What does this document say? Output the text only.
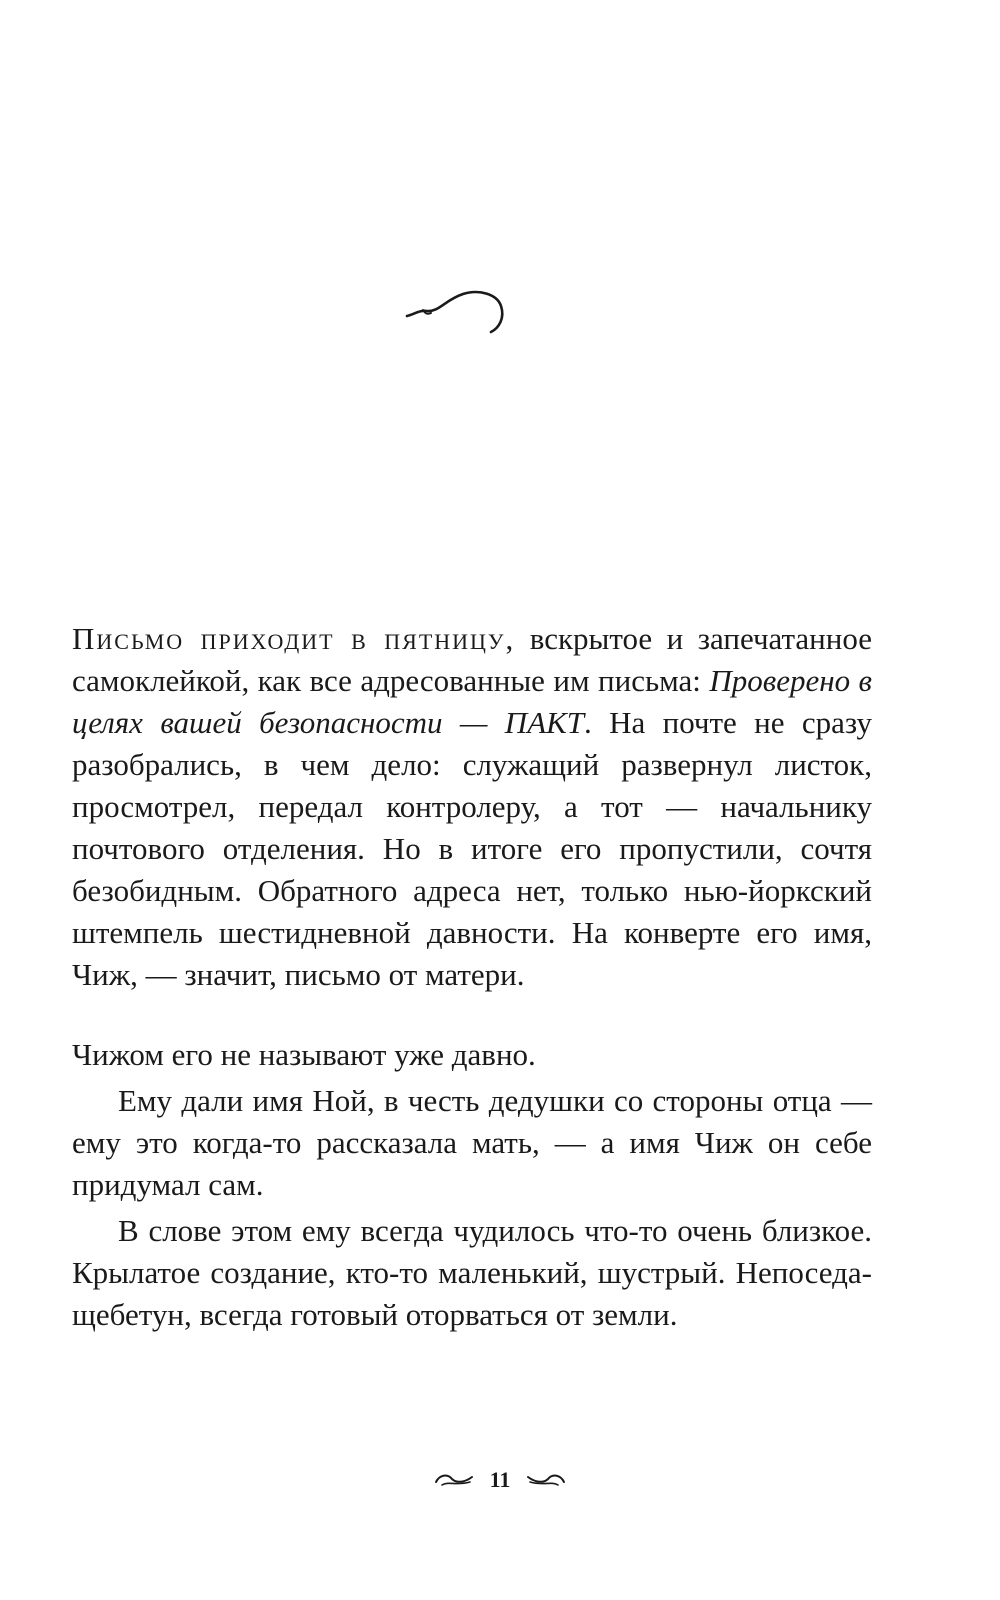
Письмо приходит в пятницу, вскрытое и запечатанное самоклейкой, как все адресованные им письма: Проверено в целях вашей безопасности — ПАКТ. На почте не сразу разобрались, в чем дело: служащий развернул листок, просмотрел, передал контролеру, а тот — начальнику почтового отделения. Но в итоге его пропустили, сочтя безобидным. Обратного адреса нет, только нью-йоркский штемпель шестидневной давности. На конверте его имя, Чиж, — значит, письмо от матери.

Чижом его не называют уже давно.

Ему дали имя Ной, в честь дедушки со стороны отца — ему это когда-то рассказала мать, — а имя Чиж он себе придумал сам.

В слове этом ему всегда чудилось что-то очень близкое. Крылатое создание, кто-то маленький, шустрый. Непоседа-щебетун, всегда готовый оторваться от земли.

11
